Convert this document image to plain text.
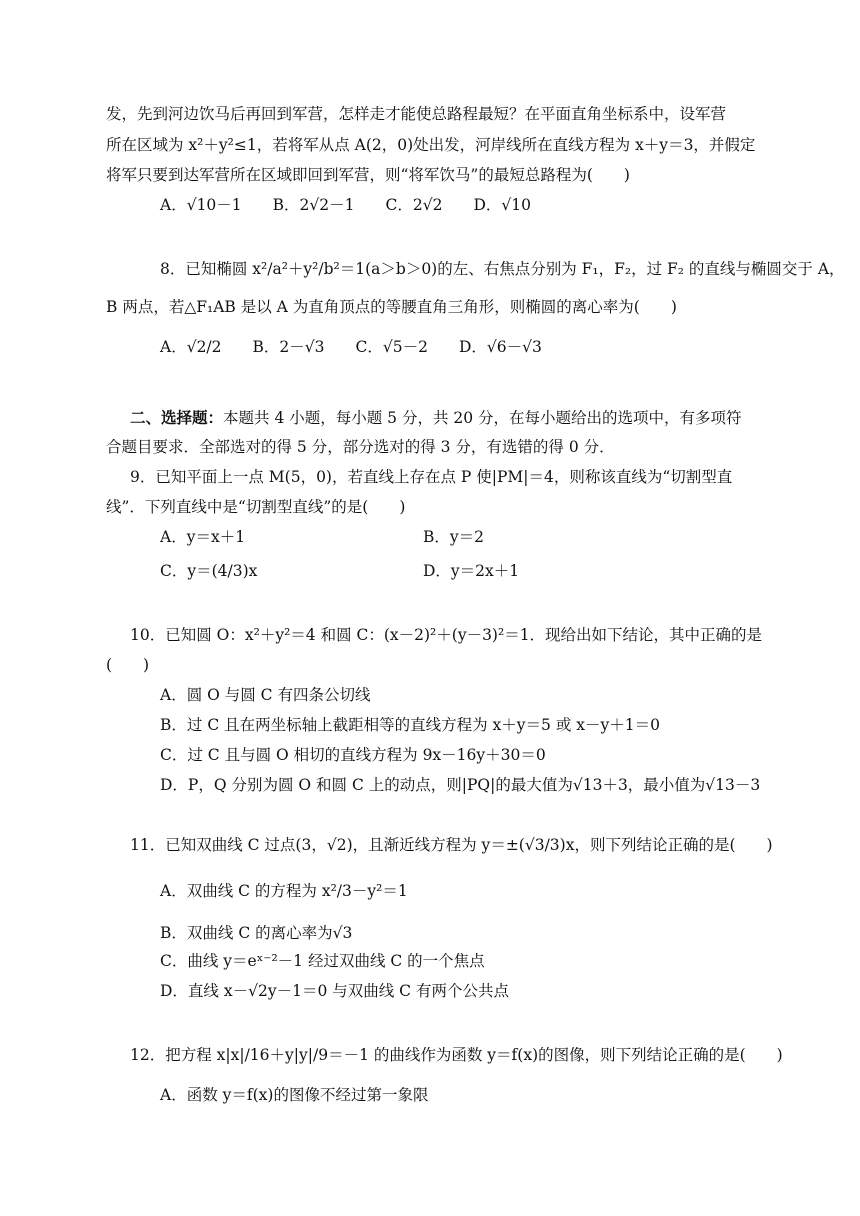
发，先到河边饮马后再回到军营，怎样走才能使总路程最短？在平面直角坐标系中，设军营
所在区域为 x²＋y²≤1，若将军从点 A(2，0)处出发，河岸线所在直线方程为 x＋y＝3，并假定
将军只要到达军营所在区域即回到军营，则“将军饮马”的最短总路程为(　　)
A．√10－1　　B．2√2－1　　C．2√2　　D．√10
8．已知椭圆 x²/a²＋y²/b²＝1(a＞b＞0)的左、右焦点分别为 F₁，F₂，过 F₂ 的直线与椭圆交于 A，
B 两点，若△F₁AB 是以 A 为直角顶点的等腰直角三角形，则椭圆的离心率为(　　)
A．√2/2　　B．2－√3　　C．√5－2　　D．√6－√3
二、选择题：本题共 4 小题，每小题 5 分，共 20 分，在每小题给出的选项中，有多项符
合题目要求．全部选对的得 5 分，部分选对的得 3 分，有选错的得 0 分．
9．已知平面上一点 M(5，0)，若直线上存在点 P 使|PM|＝4，则称该直线为“切割型直
线”．下列直线中是“切割型直线”的是(　　)
A．y＝x＋1	B．y＝2
C．y＝(4/3)x	D．y＝2x＋1
10．已知圆 O：x²＋y²＝4 和圆 C：(x－2)²＋(y－3)²＝1．现给出如下结论，其中正确的是
(　　)
A．圆 O 与圆 C 有四条公切线
B．过 C 且在两坐标轴上截距相等的直线方程为 x＋y＝5 或 x－y＋1＝0
C．过 C 且与圆 O 相切的直线方程为 9x－16y＋30＝0
D．P，Q 分别为圆 O 和圆 C 上的动点，则|PQ|的最大值为√13＋3，最小值为√13－3
11．已知双曲线 C 过点(3，√2)，且渐近线方程为 y＝±(√3/3)x，则下列结论正确的是(　　)
A．双曲线 C 的方程为 x²/3－y²＝1
B．双曲线 C 的离心率为√3
C．曲线 y＝eˣ⁻²－1 经过双曲线 C 的一个焦点
D．直线 x－√2y－1＝0 与双曲线 C 有两个公共点
12．把方程 x|x|/16＋y|y|/9＝－1 的曲线作为函数 y＝f(x)的图像，则下列结论正确的是(　　)
A．函数 y＝f(x)的图像不经过第一象限
